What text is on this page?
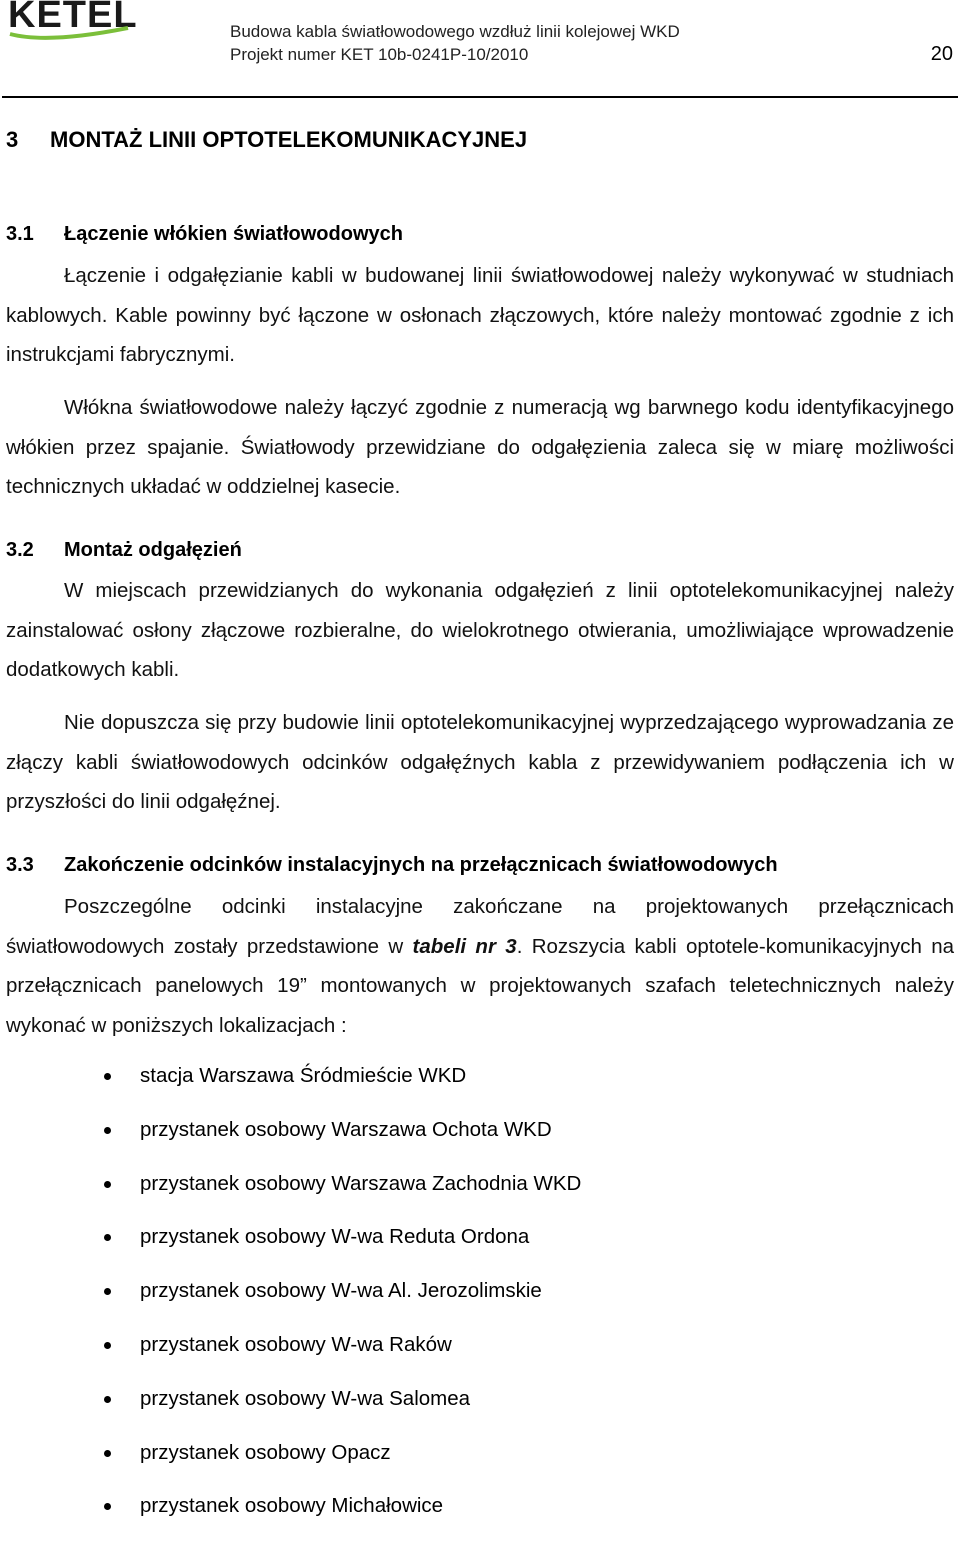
KETEL	Budowa kabla światłowodowego wzdłuż linii kolejowej WKD
Projekt numer KET 10b-0241P-10/2010	20
3 MONTAŻ LINII OPTOTELEKOMUNIKACYJNEJ
3.1 Łączenie włókien światłowodowych

Łączenie i odgałęzianie kabli w budowanej linii światłowodowej należy wykonywać w studniach kablowych. Kable powinny być łączone w osłonach złączowych, które należy montować zgodnie z ich instrukcjami fabrycznymi.

Włókna światłowodowe należy łączyć zgodnie z numeracją wg barwnego kodu identyfikacyjnego włókien przez spajanie. Światłowody przewidziane do odgałęzienia zaleca się w miarę możliwości technicznych układać w oddzielnej kasecie.

3.2 Montaż odgałęzień

W miejscach przewidzianych do wykonania odgałęzień z linii optotelekomunikacyjnej należy zainstalować osłony złączowe rozbieralne, do wielokrotnego otwierania, umożliwiające wprowadzenie dodatkowych kabli.

Nie dopuszcza się przy budowie linii optotelekomunikacyjnej wyprzedzającego wyprowadzania ze złączy kabli światłowodowych odcinków odgałęźnych kabla z przewidywaniem podłączenia ich w przyszłości do linii odgałęźnej.

3.3 Zakończenie odcinków instalacyjnych na przełącznicach światłowodowych

Poszczególne odcinki instalacyjne zakończane na projektowanych przełącznicach światłowodowych zostały przedstawione w tabeli nr 3. Rozszycia kabli optotele-komunikacyjnych na przełącznicach panelowych 19” montowanych w projektowanych szafach teletechnicznych należy wykonać w poniższych lokalizacjach :

stacja Warszawa Śródmieście WKD
przystanek osobowy Warszawa Ochota WKD
przystanek osobowy Warszawa Zachodnia WKD
przystanek osobowy W-wa Reduta Ordona
przystanek osobowy W-wa Al. Jerozolimskie
przystanek osobowy W-wa Raków
przystanek osobowy W-wa Salomea
przystanek osobowy Opacz
przystanek osobowy Michałowice
